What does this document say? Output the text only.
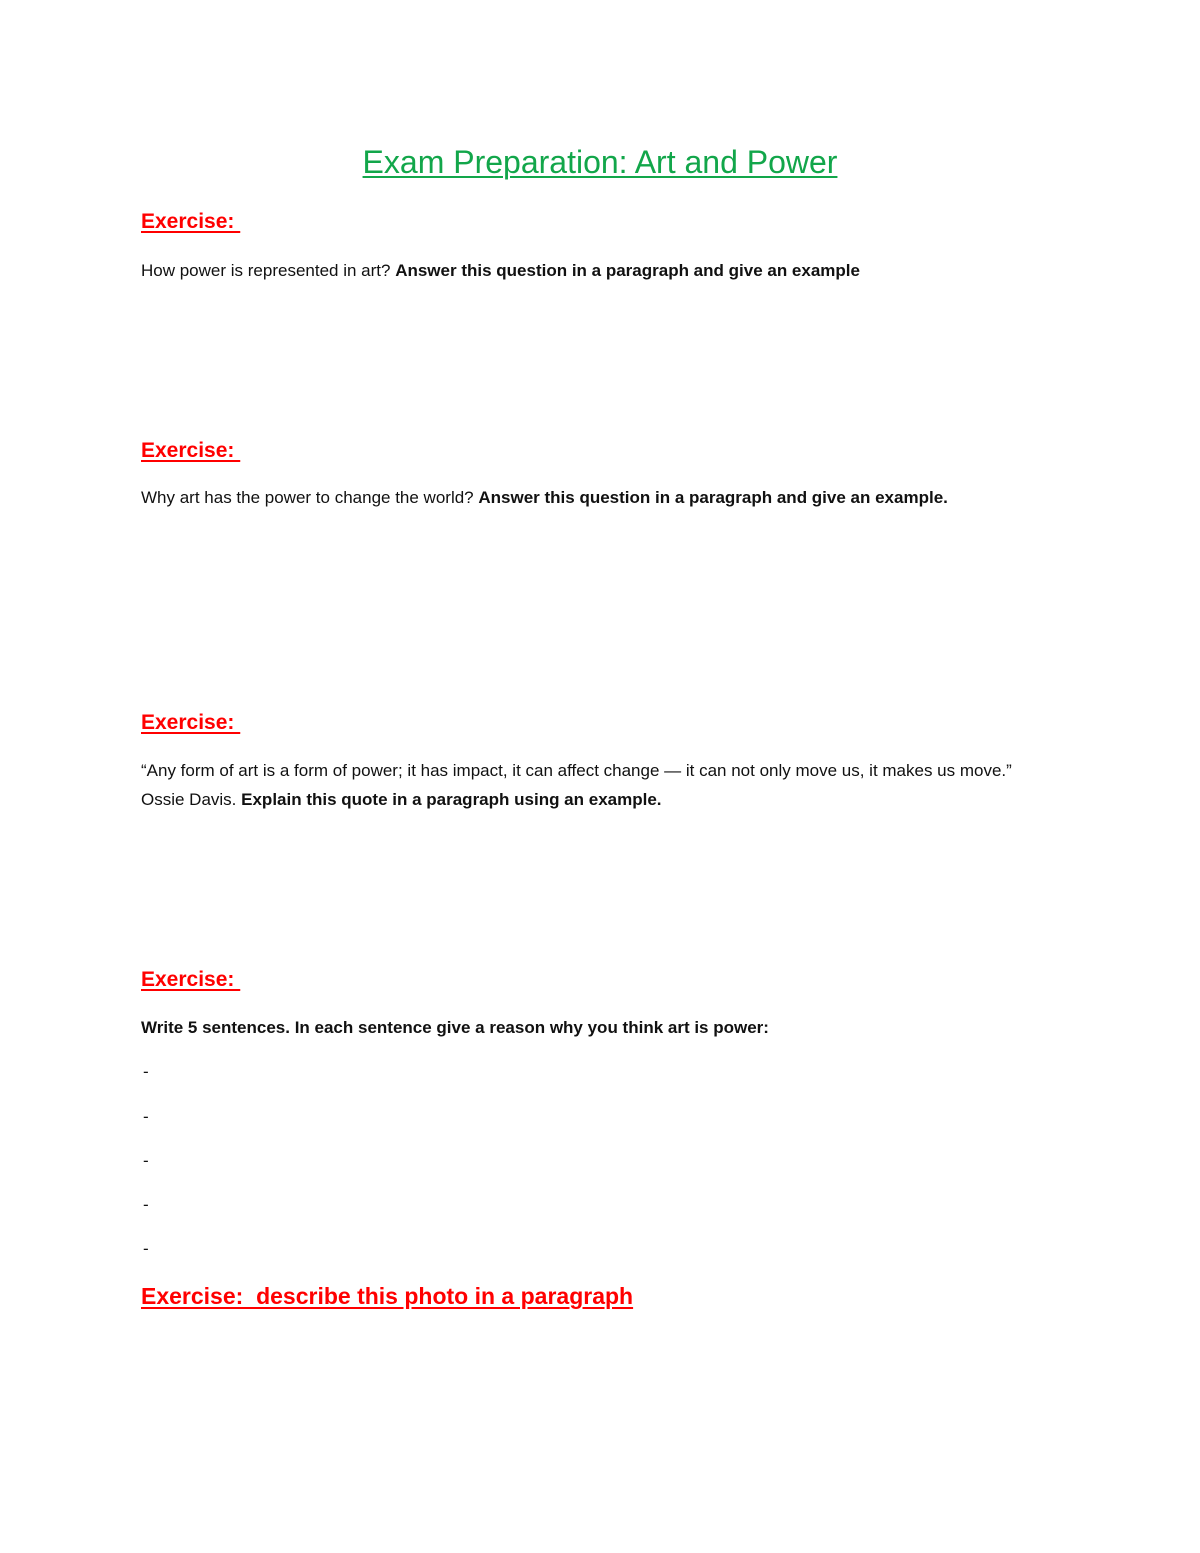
Exam Preparation: Art and Power
Exercise:
How power is represented in art? Answer this question in a paragraph and give an example
Exercise:
Why art has the power to change the world? Answer this question in a paragraph and give an example.
Exercise:
“Any form of art is a form of power; it has impact, it can affect change — it can not only move us, it makes us move.” Ossie Davis. Explain this quote in a paragraph using an example.
Exercise:
Write 5 sentences. In each sentence give a reason why you think art is power:
-
-
-
-
-
Exercise:  describe this photo in a paragraph
